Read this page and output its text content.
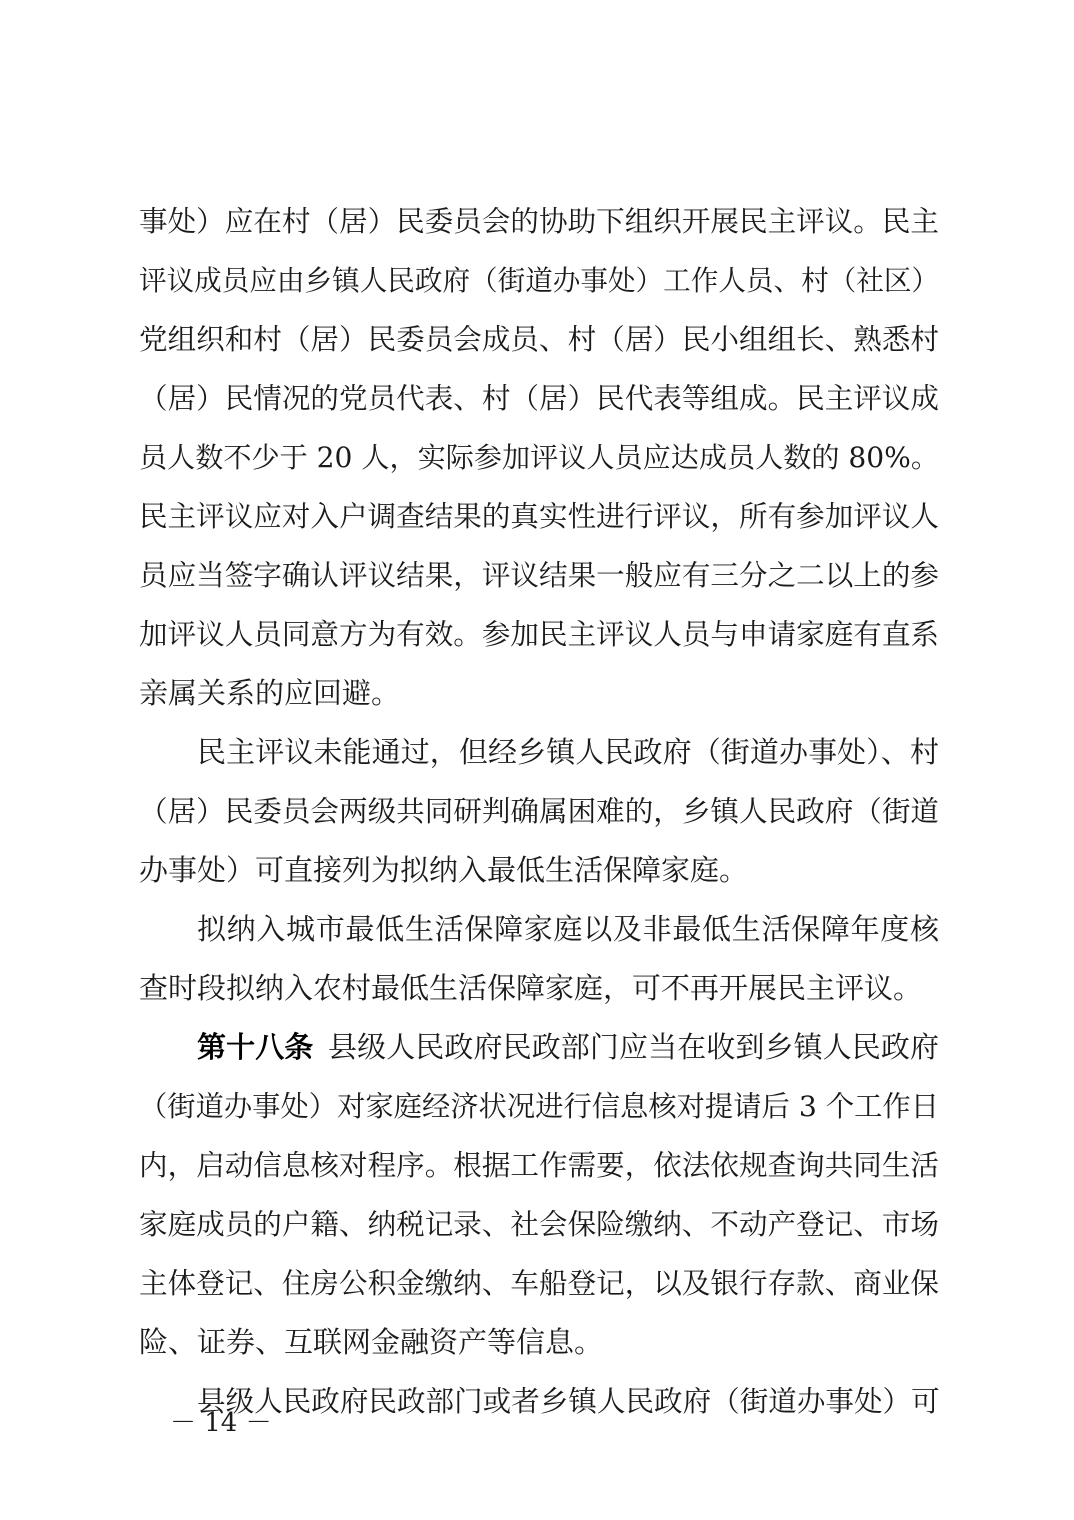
事处）应在村（居）民委员会的协助下组织开展民主评议。民主
评议成员应由乡镇人民政府（街道办事处）工作人员、村（社区）
党组织和村（居）民委员会成员、村（居）民小组组长、熟悉村
（居）民情况的党员代表、村（居）民代表等组成。民主评议成
员人数不少于 20 人，实际参加评议人员应达成员人数的 80%。
民主评议应对入户调查结果的真实性进行评议，所有参加评议人
员应当签字确认评议结果，评议结果一般应有三分之二以上的参
加评议人员同意方为有效。参加民主评议人员与申请家庭有直系
亲属关系的应回避。
民主评议未能通过，但经乡镇人民政府（街道办事处）、村
（居）民委员会两级共同研判确属困难的，乡镇人民政府（街道
办事处）可直接列为拟纳入最低生活保障家庭。
拟纳入城市最低生活保障家庭以及非最低生活保障年度核
查时段拟纳入农村最低生活保障家庭，可不再开展民主评议。
第十八条  县级人民政府民政部门应当在收到乡镇人民政府
（街道办事处）对家庭经济状况进行信息核对提请后 3 个工作日
内，启动信息核对程序。根据工作需要，依法依规查询共同生活
家庭成员的户籍、纳税记录、社会保险缴纳、不动产登记、市场
主体登记、住房公积金缴纳、车船登记，以及银行存款、商业保
险、证券、互联网金融资产等信息。
县级人民政府民政部门或者乡镇人民政府（街道办事处）可
－ 14 －
